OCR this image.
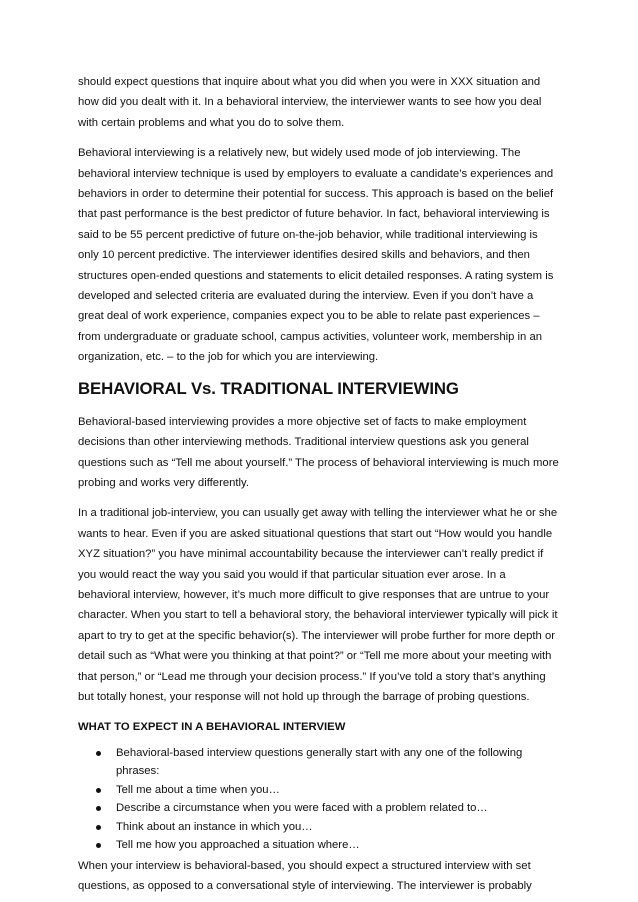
should expect questions that inquire about what you did when you were in XXX situation and how did you dealt with it. In a behavioral interview, the interviewer wants to see how you deal with certain problems and what you do to solve them.

Behavioral interviewing is a relatively new, but widely used mode of job interviewing. The behavioral interview technique is used by employers to evaluate a candidate’s experiences and behaviors in order to determine their potential for success. This approach is based on the belief that past performance is the best predictor of future behavior. In fact, behavioral interviewing is said to be 55 percent predictive of future on-the-job behavior, while traditional interviewing is only 10 percent predictive. The interviewer identifies desired skills and behaviors, and then structures open-ended questions and statements to elicit detailed responses. A rating system is developed and selected criteria are evaluated during the interview. Even if you don’t have a great deal of work experience, companies expect you to be able to relate past experiences – from undergraduate or graduate school, campus activities, volunteer work, membership in an organization, etc. – to the job for which you are interviewing.

BEHAVIORAL Vs. TRADITIONAL INTERVIEWING

Behavioral-based interviewing provides a more objective set of facts to make employment decisions than other interviewing methods. Traditional interview questions ask you general questions such as “Tell me about yourself.” The process of behavioral interviewing is much more probing and works very differently.

In a traditional job-interview, you can usually get away with telling the interviewer what he or she wants to hear. Even if you are asked situational questions that start out “How would you handle XYZ situation?” you have minimal accountability because the interviewer can’t really predict if you would react the way you said you would if that particular situation ever arose. In a behavioral interview, however, it’s much more difficult to give responses that are untrue to your character. When you start to tell a behavioral story, the behavioral interviewer typically will pick it apart to try to get at the specific behavior(s). The interviewer will probe further for more depth or detail such as “What were you thinking at that point?” or “Tell me more about your meeting with that person,” or “Lead me through your decision process.” If you’ve told a story that’s anything but totally honest, your response will not hold up through the barrage of probing questions.

WHAT TO EXPECT IN A BEHAVIORAL INTERVIEW
Behavioral-based interview questions generally start with any one of the following phrases:
Tell me about a time when you…
Describe a circumstance when you were faced with a problem related to…
Think about an instance in which you…
Tell me how you approached a situation where…

When your interview is behavioral-based, you should expect a structured interview with set questions, as opposed to a conversational style of interviewing. The interviewer is probably
